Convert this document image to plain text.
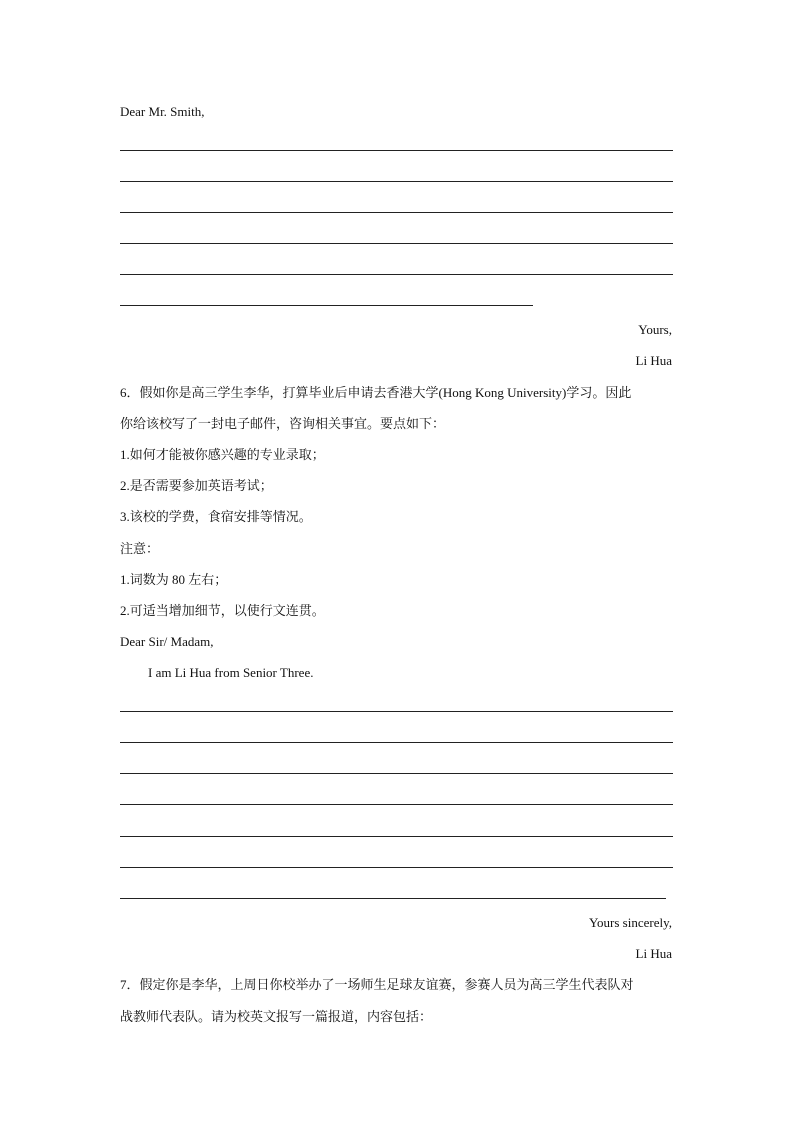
Dear Mr. Smith,
Yours,
Li Hua
6．假如你是高三学生李华，打算毕业后申请去香港大学(Hong Kong University)学习。因此
你给该校写了一封电子邮件，咨询相关事宜。要点如下：
1.如何才能被你感兴趣的专业录取；
2.是否需要参加英语考试；
3.该校的学费，食宿安排等情况。
注意：
1.词数为 80 左右；
2.可适当增加细节，以使行文连贯。
Dear Sir/ Madam,
I am Li Hua from Senior Three.
Yours sincerely,
Li Hua
7．假定你是李华，上周日你校举办了一场师生足球友谊赛，参赛人员为高三学生代表队对
战教师代表队。请为校英文报写一篇报道，内容包括：
